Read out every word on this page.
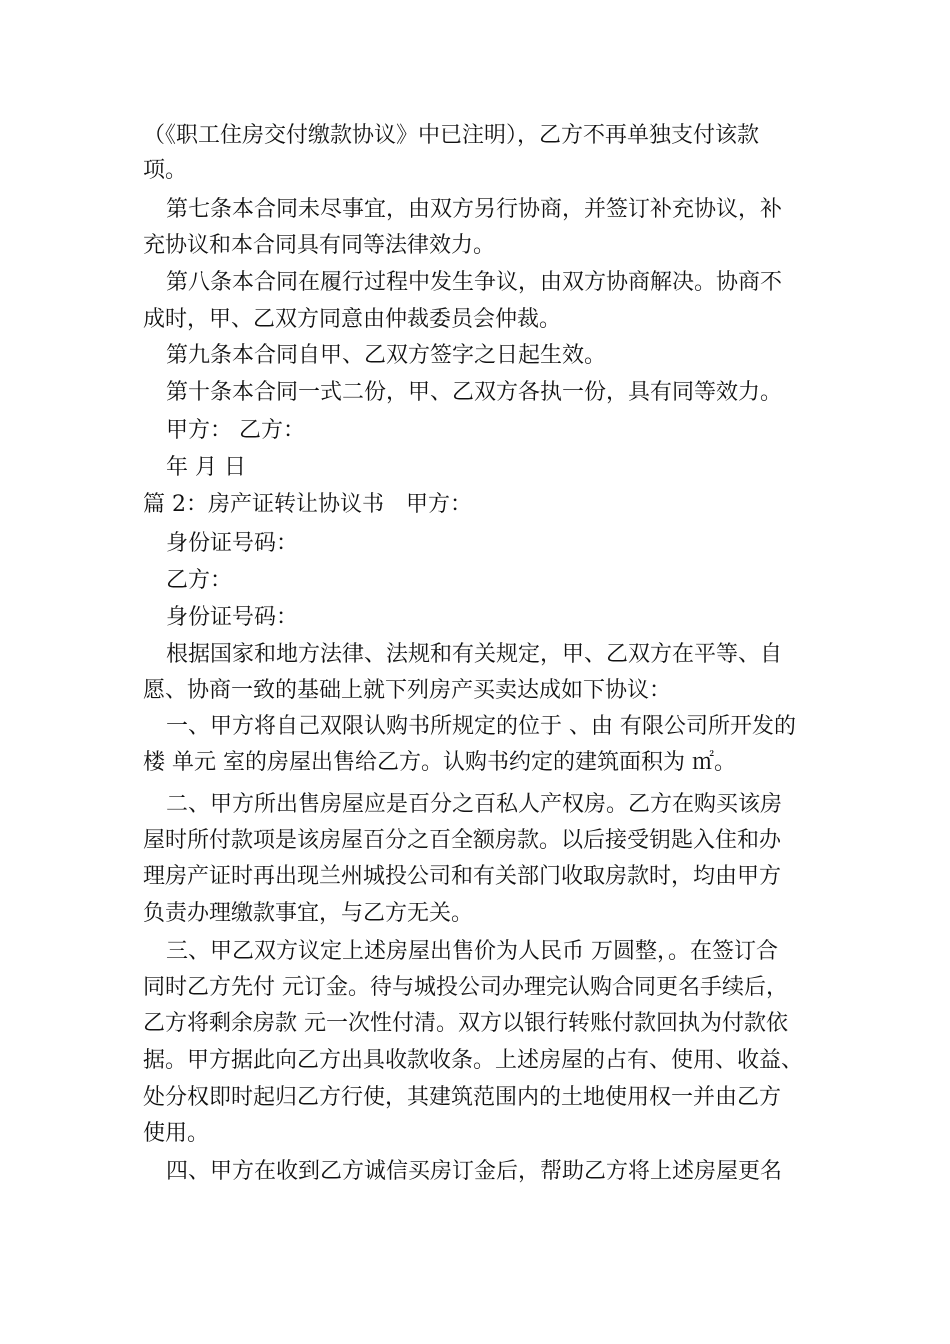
（《职工住房交付缴款协议》中已注明），乙方不再单独支付该款
项。
第七条本合同未尽事宜，由双方另行协商，并签订补充协议，补
充协议和本合同具有同等法律效力。
第八条本合同在履行过程中发生争议，由双方协商解决。协商不
成时，甲、乙双方同意由仲裁委员会仲裁。
第九条本合同自甲、乙双方签字之日起生效。
第十条本合同一式二份，甲、乙双方各执一份，具有同等效力。
甲方： 乙方：
年 月 日
篇 2：房产证转让协议书　甲方：
身份证号码：
乙方：
身份证号码：
根据国家和地方法律、法规和有关规定，甲、乙双方在平等、自
愿、协商一致的基础上就下列房产买卖达成如下协议：
一、甲方将自己双限认购书所规定的位于 、由 有限公司所开发的
楼 单元 室的房屋出售给乙方。认购书约定的建筑面积为 ㎡。
二、甲方所出售房屋应是百分之百私人产权房。乙方在购买该房
屋时所付款项是该房屋百分之百全额房款。以后接受钥匙入住和办
理房产证时再出现兰州城投公司和有关部门收取房款时，均由甲方
负责办理缴款事宜，与乙方无关。
三、甲乙双方议定上述房屋出售价为人民币 万圆整，。在签订合
同时乙方先付 元订金。待与城投公司办理完认购合同更名手续后，
乙方将剩余房款 元一次性付清。双方以银行转账付款回执为付款依
据。甲方据此向乙方出具收款收条。上述房屋的占有、使用、收益、
处分权即时起归乙方行使，其建筑范围内的土地使用权一并由乙方
使用。
四、甲方在收到乙方诚信买房订金后，帮助乙方将上述房屋更名
